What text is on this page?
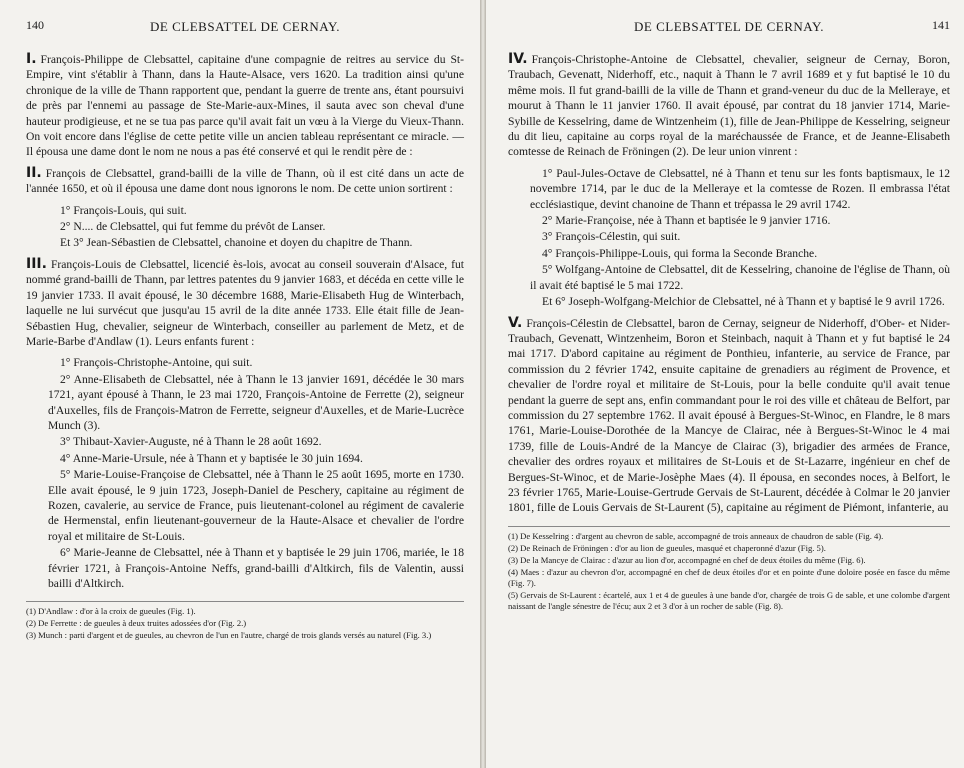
140	DE CLEBSATTEL DE CERNAY.

I. François-Philippe de Clebsattel, capitaine d'une compagnie de reitres au service du St-Empire, vint s'établir à Thann, dans la Haute-Alsace, vers 1620. La tradition ainsi qu'une chronique de la ville de Thann rapportent que, pendant la guerre de trente ans, étant poursuivi de près par l'ennemi au passage de Ste-Marie-aux-Mines, il sauta avec son cheval d'une hauteur prodigieuse, et ne se tua pas parce qu'il avait fait un vœu à la Vierge du Vieux-Thann. On voit encore dans l'église de cette petite ville un ancien tableau représentant ce miracle. — Il épousa une dame dont le nom ne nous a pas été conservé et qui le rendit père de :

II. François de Clebsattel, grand-bailli de la ville de Thann, où il est cité dans un acte de l'année 1650, et où il épousa une dame dont nous ignorons le nom. De cette union sortirent :

1° François-Louis, qui suit.
2° N.... de Clebsattel, qui fut femme du prévôt de Lanser.
Et 3° Jean-Sébastien de Clebsattel, chanoine et doyen du chapitre de Thann.

III. François-Louis de Clebsattel, licencié ès-lois, avocat au conseil souverain d'Alsace, fut nommé grand-bailli de Thann, par lettres patentes du 9 janvier 1683, et décéda en cette ville le 19 janvier 1733. Il avait épousé, le 30 décembre 1688, Marie-Elisabeth Hug de Winterbach, laquelle ne lui survécut que jusqu'au 15 avril de la dite année 1733. Elle était fille de Jean-Sébastien Hug, chevalier, seigneur de Winterbach, conseiller au parlement de Metz, et de Marie-Barbe d'Andlaw (1). Leurs enfants furent :

1° François-Christophe-Antoine, qui suit.
2° Anne-Elisabeth de Clebsattel, née à Thann le 13 janvier 1691, décédée le 30 mars 1721, ayant épousé à Thann, le 23 mai 1720, François-Antoine de Ferrette (2), seigneur d'Auxelles, fils de François-Matron de Ferrette, seigneur d'Auxelles, et de Marie-Lucrèce Munch (3).
3° Thibaut-Xavier-Auguste, né à Thann le 28 août 1692.
4° Anne-Marie-Ursule, née à Thann et y baptisée le 30 juin 1694.
5° Marie-Louise-Françoise de Clebsattel, née à Thann le 25 août 1695, morte en 1730. Elle avait épousé, le 9 juin 1723, Joseph-Daniel de Peschery, capitaine au régiment de Rozen, cavalerie, au service de France, puis lieutenant-colonel au régiment de cavalerie de Hermenstal, enfin lieutenant-gouverneur de la Haute-Alsace et chevalier de l'ordre royal et militaire de St-Louis.
6° Marie-Jeanne de Clebsattel, née à Thann et y baptisée le 29 juin 1706, mariée, le 18 février 1721, à François-Antoine Neffs, grand-bailli d'Altkirch, fils de Valentin, aussi bailli d'Altkirch.
(1) D'Andlaw : d'or à la croix de gueules (Fig. 1).
(2) De Ferrette : de gueules à deux truites adossées d'or (Fig. 2.)
(3) Munch : parti d'argent et de gueules, au chevron de l'un en l'autre, chargé de trois glands versés au naturel (Fig. 3.)
DE CLEBSATTEL DE CERNAY.	141

IV. François-Christophe-Antoine de Clebsattel, chevalier, seigneur de Cernay, Boron, Traubach, Gevenatt, Niderhoff, etc., naquit à Thann le 7 avril 1689 et y fut baptisé le 10 du même mois. Il fut grand-bailli de la ville de Thann et grand-veneur du duc de la Melleraye, et mourut à Thann le 11 janvier 1760. Il avait épousé, par contrat du 18 janvier 1714, Marie-Sybille de Kesselring, dame de Wintzenheim (1), fille de Jean-Philippe de Kesselring, seigneur du dit lieu, capitaine au corps royal de la maréchaussée de France, et de Jeanne-Elisabeth comtesse de Reinach de Fröningen (2). De leur union vinrent :

1° Paul-Jules-Octave de Clebsattel, né à Thann et tenu sur les fonts baptismaux, le 12 novembre 1714, par le duc de la Melleraye et la comtesse de Rozen. Il embrassa l'état ecclésiastique, devint chanoine de Thann et trépassa le 29 avril 1742.
2° Marie-Françoise, née à Thann et baptisée le 9 janvier 1716.
3° François-Célestin, qui suit.
4° François-Philippe-Louis, qui forma la Seconde Branche.
5° Wolfgang-Antoine de Clebsattel, dit de Kesselring, chanoine de l'église de Thann, où il avait été baptisé le 5 mai 1722.
Et 6° Joseph-Wolfgang-Melchior de Clebsattel, né à Thann et y baptisé le 9 avril 1726.

V. François-Célestin de Clebsattel, baron de Cernay, seigneur de Niderhoff, d'Ober- et Nider-Traubach, Gevenatt, Wintzenheim, Boron et Steinbach, naquit à Thann et y fut baptisé le 24 mai 1717. D'abord capitaine au régiment de Ponthieu, infanterie, au service de France, par commission du 2 février 1742, ensuite capitaine de grenadiers au régiment de Provence, et chevalier de l'ordre royal et militaire de St-Louis, pour la belle conduite qu'il avait tenue pendant la guerre de sept ans, enfin commandant pour le roi des ville et château de Belfort, par commission du 27 septembre 1762. Il avait épousé à Bergues-St-Winoc, en Flandre, le 8 mars 1761, Marie-Louise-Dorothée de la Mancye de Clairac, née à Bergues-St-Winoc le 4 mai 1739, fille de Louis-André de la Mancye de Clairac (3), brigadier des armées de France, chevalier des ordres royaux et militaires de St-Louis et de St-Lazarre, ingénieur en chef de Bergues-St-Winoc, et de Marie-Josèphe Maes (4). Il épousa, en secondes noces, à Belfort, le 23 février 1765, Marie-Louise-Gertrude Gervais de St-Laurent, décédée à Colmar le 20 janvier 1801, fille de Louis Gervais de St-Laurent (5), capitaine au régiment de Piémont, infanterie, au

(1) De Kesselring : d'argent au chevron de sable, accompagné de trois anneaux de chaudron de sable (Fig. 4).
(2) De Reinach de Fröningen : d'or au lion de gueules, masqué et chaperonné d'azur (Fig. 5).
(3) De la Mancye de Clairac : d'azur au lion d'or, accompagné en chef de deux étoiles du même (Fig. 6).
(4) Maes : d'azur au chevron d'or, accompagné en chef de deux étoiles d'or et en pointe d'une doloire posée en fasce du même (Fig. 7).
(5) Gervais de St-Laurent : écartelé, aux 1 et 4 de gueules à une bande d'or, chargée de trois G de sable, et une colombe d'argent naissant de l'angle sénestre de l'écu; aux 2 et 3 d'or à un rocher de sable (Fig. 8).
